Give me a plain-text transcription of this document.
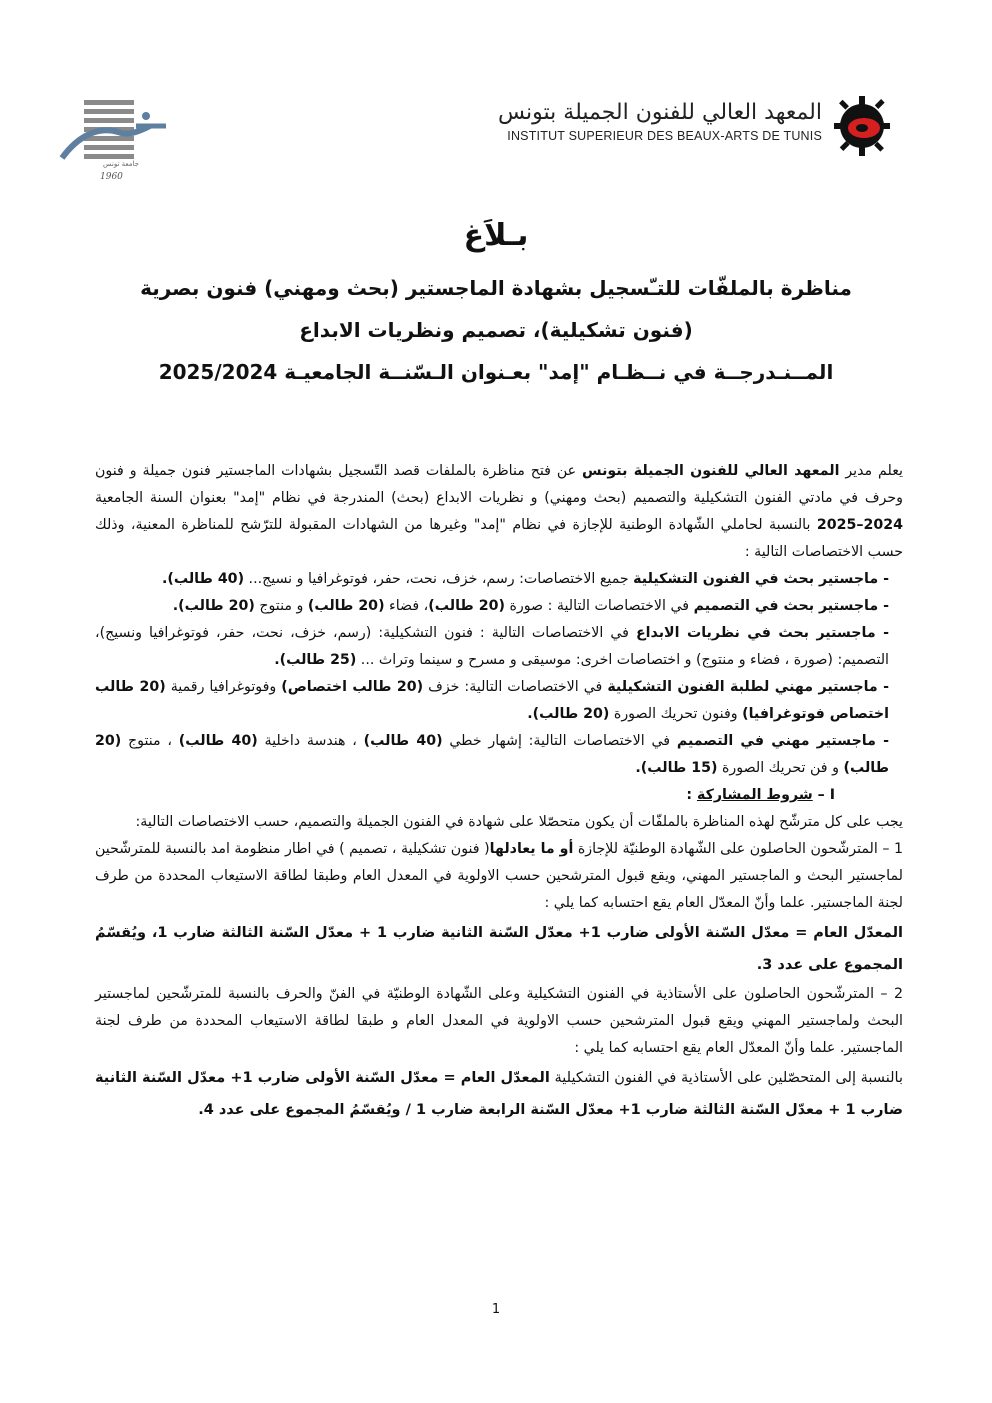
جامعة تونس
1960
المعهد العالي للفنون الجميلة بتونس
INSTITUT SUPERIEUR DES BEAUX-ARTS DE TUNIS
بـلاَغ
مناظرة بالملفّات للتـّسجيل بشهادة الماجستير (بحث ومهني) فنون بصرية
(فنون تشكيلية)، تصميم ونظريات الابداع
المــنـدرجــة في نــظـام "إمد" بعـنوان الـسّنــة الجامعيـة 2025/2024

يعلم مدير المعهد العالي للفنون الجميلة بتونس عن فتح مناظرة بالملفات قصد التّسجيل بشهادات الماجستير فنون جميلة و فنون وحرف في مادتي الفنون التشكيلية والتصميم (بحث ومهني) و نظريات الابداع (بحث) المندرجة في نظام "إمد" بعنوان السنة الجامعية 2024–2025 بالنسبة لحاملي الشّهادة الوطنية للإجازة في نظام "إمد" وغيرها من الشهادات المقبولة للترّشح للمناظرة المعنية، وذلك حسب الاختصاصات التالية :

- ماجستير بحث في الفنون التشكيلية جميع الاختصاصات: رسم، خزف، نحت، حفر، فوتوغرافيا و نسيج... (40 طالب).

- ماجستير بحث في التصميم في الاختصاصات التالية : صورة (20 طالب)، فضاء (20 طالب) و منتوج (20 طالب).

- ماجستير بحث في نظريات الابداع في الاختصاصات التالية : فنون التشكيلية: (رسم، خزف، نحت، حفر، فوتوغرافيا ونسيج)، التصميم: (صورة ، فضاء و منتوج) و اختصاصات اخرى: موسيقى و مسرح و سينما وتراث ... (25 طالب).

- ماجستير مهني لطلبة الفنون التشكيلية في الاختصاصات التالية: خزف (20 طالب اختصاص) وفوتوغرافيا رقمية (20 طالب اختصاص فوتوغرافيا) وفنون تحريك الصورة (20 طالب).

- ماجستير مهني في التصميم في الاختصاصات التالية: إشهار خطي (40 طالب) ، هندسة داخلية (40 طالب) ، منتوج (20 طالب) و فن تحريك الصورة (15 طالب).

I – شروط المشاركة :

يجب على كل مترشّح لهذه المناظرة بالملفّات أن يكون متحصّلا على شهادة في الفنون الجميلة والتصميم، حسب الاختصاصات التالية:

1 – المترشّحون الحاصلون على الشّهادة الوطنيّة للإجازة أو ما يعادلها( فنون تشكيلية ، تصميم ) في اطار منظومة امد بالنسبة للمترشّحين لماجستير البحث و الماجستير المهني، ويقع قبول المترشحين حسب الاولوية في المعدل العام وطبقا لطاقة الاستيعاب المحددة من طرف لجنة الماجستير. علما وأنّ المعدّل العام يقع احتسابه كما يلي :

المعدّل العام = معدّل السّنة الأولى ضارب 1+ معدّل السّنة الثانية ضارب 1 + معدّل السّنة الثالثة ضارب 1، ويُقسّمُ المجموع على عدد 3.

2 – المترشّحون الحاصلون على الأستاذية في الفنون التشكيلية وعلى الشّهادة الوطنيّة في الفنّ والحرف بالنسبة للمترشّحين لماجستير البحث ولماجستير المهني ويقع قبول المترشحين حسب الاولوية في المعدل العام و طبقا لطاقة الاستيعاب المحددة من طرف لجنة الماجستير. علما وأنّ المعدّل العام يقع احتسابه كما يلي :

بالنسبة إلى المتحصّلين على الأستاذية في الفنون التشكيلية المعدّل العام = معدّل السّنة الأولى ضارب 1+ معدّل السّنة الثانية ضارب 1 + معدّل السّنة الثالثة ضارب 1+ معدّل السّنة الرابعة ضارب 1 / ويُقسّمُ المجموع على عدد 4.

1
